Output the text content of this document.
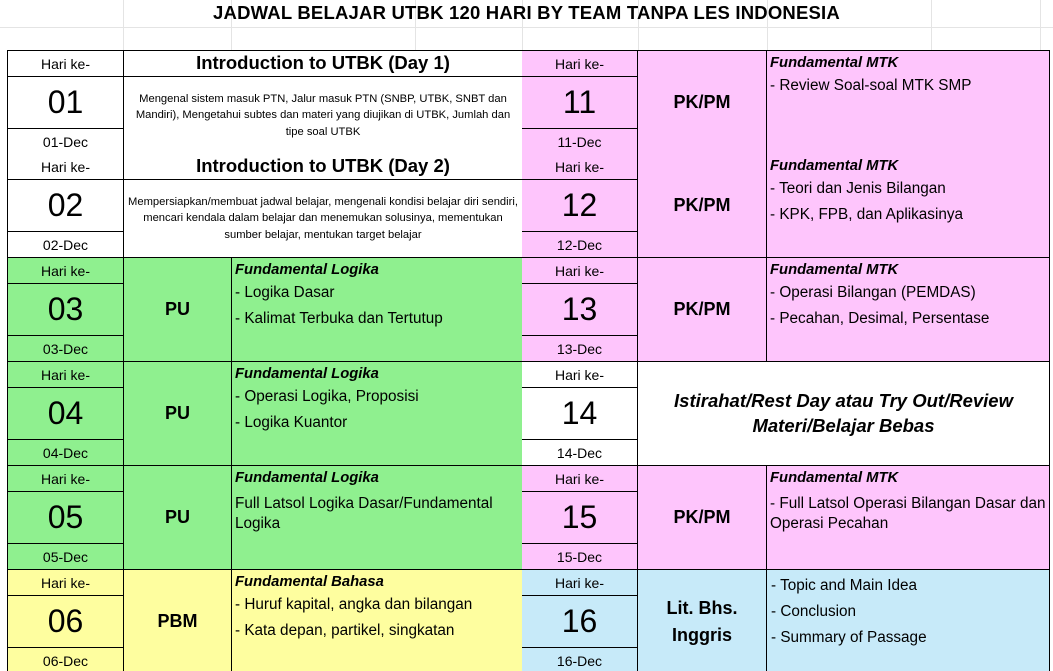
JADWAL BELAJAR UTBK 120 HARI BY TEAM TANPA LES INDONESIA
Hari ke-
01
01-Dec
Introduction to UTBK (Day 1)
Mengenal sistem masuk PTN, Jalur masuk PTN (SNBP, UTBK, SNBT dan Mandiri), Mengetahui subtes dan materi yang diujikan di UTBK, Jumlah dan tipe soal UTBK
Hari ke-
02
02-Dec
Introduction to UTBK (Day 2)
Mempersiapkan/membuat jadwal belajar, mengenali kondisi belajar diri sendiri, mencari kendala dalam belajar dan menemukan solusinya, mementukan sumber belajar, mentukan target belajar
Hari ke-
03
03-Dec
PU
Fundamental Logika
- Logika Dasar
- Kalimat Terbuka dan Tertutup
Hari ke-
04
04-Dec
PU
Fundamental Logika
- Operasi Logika, Proposisi
- Logika Kuantor
Hari ke-
05
05-Dec
PU
Fundamental Logika
Full Latsol Logika Dasar/Fundamental Logika
Hari ke-
06
06-Dec
PBM
Fundamental Bahasa
- Huruf kapital, angka dan bilangan
- Kata depan, partikel, singkatan
Hari ke-
11
11-Dec
PK/PM
Fundamental MTK
- Review Soal-soal MTK SMP
Hari ke-
12
12-Dec
PK/PM
Fundamental MTK
- Teori dan Jenis Bilangan
- KPK, FPB, dan Aplikasinya
Hari ke-
13
13-Dec
PK/PM
Fundamental MTK
- Operasi Bilangan (PEMDAS)
- Pecahan, Desimal, Persentase
Hari ke-
14
14-Dec
Istirahat/Rest Day atau Try Out/Review Materi/Belajar Bebas
Hari ke-
15
15-Dec
PK/PM
Fundamental MTK
- Full Latsol Operasi Bilangan Dasar dan Operasi Pecahan
Hari ke-
16
16-Dec
Lit. Bhs. Inggris
- Topic and Main Idea
- Conclusion
- Summary of Passage
